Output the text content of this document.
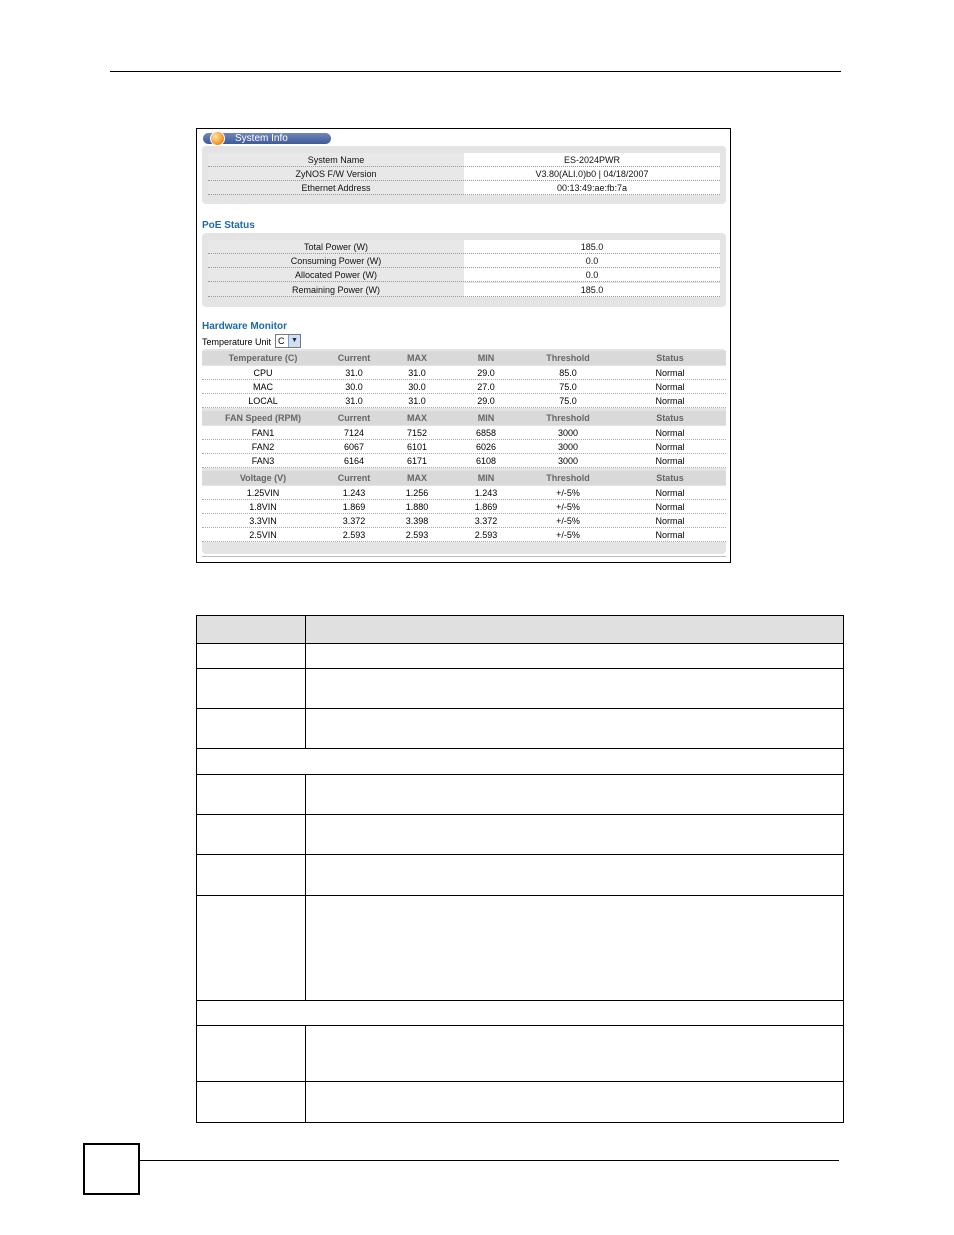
System Info
System Name	ES-2024PWR
ZyNOS F/W Version	V3.80(ALI.0)b0 | 04/18/2007
Ethernet Address	00:13:49:ae:fb:7a
PoE Status
Total Power (W)	185.0
Consuming Power (W)	0.0
Allocated Power (W)	0.0
Remaining Power (W)	185.0
Hardware Monitor
Temperature Unit C ▼
Temperature (C)	Current	MAX	MIN	Threshold	Status
CPU	31.0	31.0	29.0	85.0	Normal
MAC	30.0	30.0	27.0	75.0	Normal
LOCAL	31.0	31.0	29.0	75.0	Normal
FAN Speed (RPM)	Current	MAX	MIN	Threshold	Status
FAN1	7124	7152	6858	3000	Normal
FAN2	6067	6101	6026	3000	Normal
FAN3	6164	6171	6108	3000	Normal
Voltage (V)	Current	MAX	MIN	Threshold	Status
1.25VIN	1.243	1.256	1.243	+/-5%	Normal
1.8VIN	1.869	1.880	1.869	+/-5%	Normal
3.3VIN	3.372	3.398	3.372	+/-5%	Normal
2.5VIN	2.593	2.593	2.593	+/-5%	Normal
